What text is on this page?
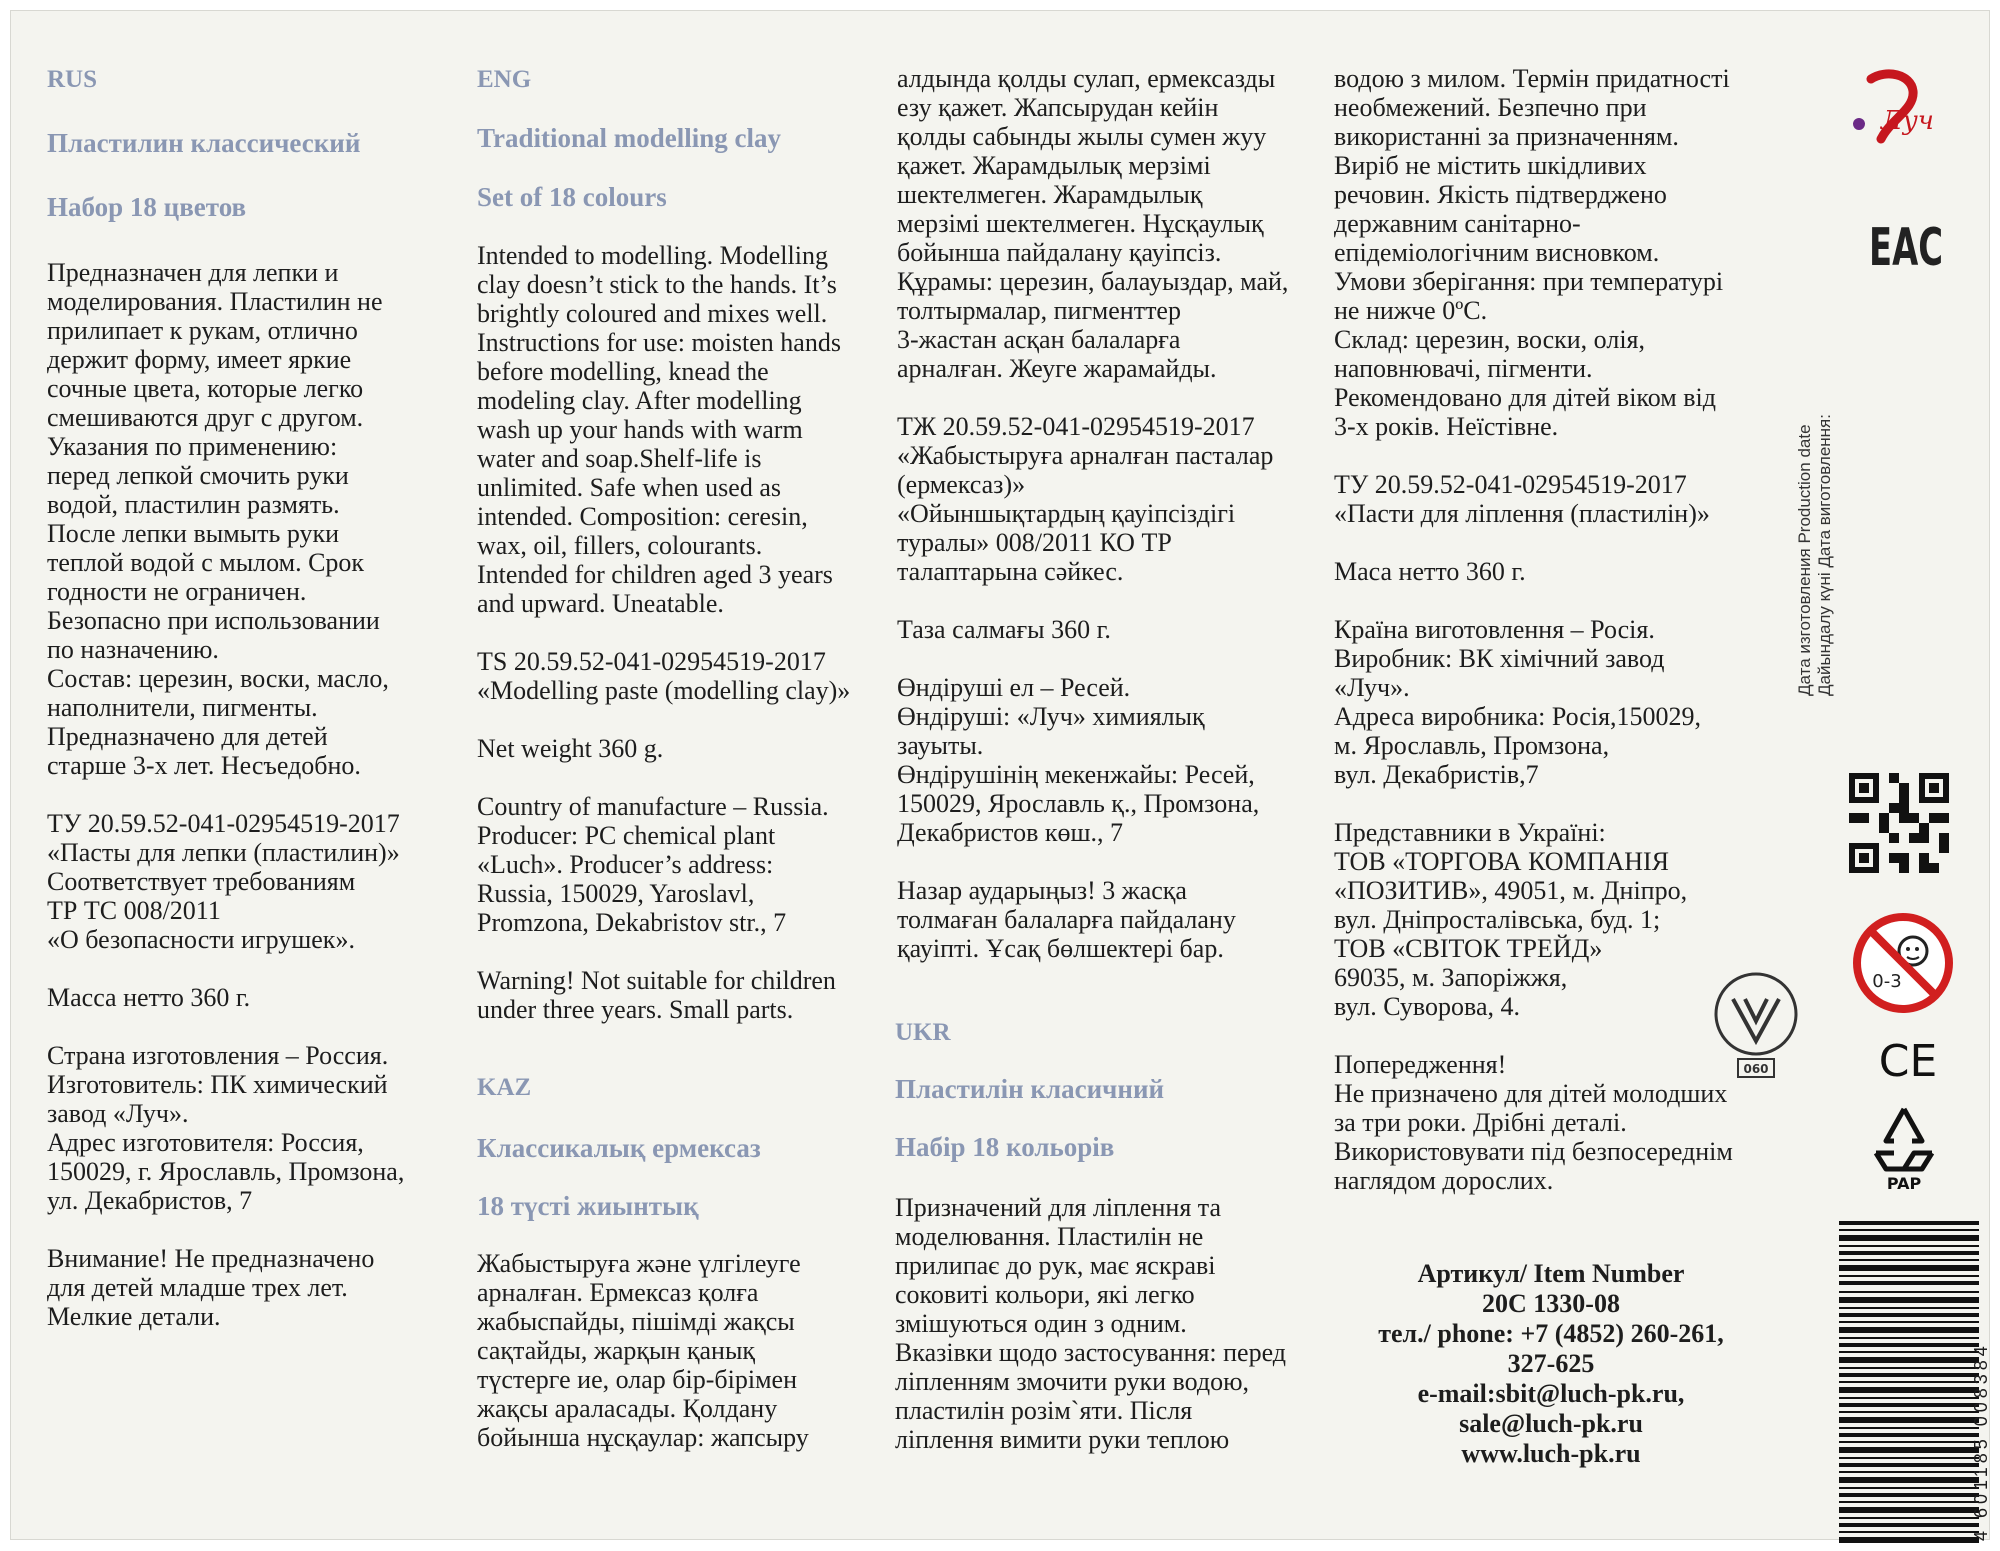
RUS
Пластилин классический
Набор 18 цветов
Предназначен для лепки и
моделирования. Пластилин не
прилипает к рукам, отлично
держит форму, имеет яркие
сочные цвета, которые легко
смешиваются друг с другом.
Указания по применению:
перед лепкой смочить руки
водой, пластилин размять.
После лепки вымыть руки
теплой водой с мылом. Срок
годности не ограничен.
Безопасно при использовании
по назначению.
Состав: церезин, воски, масло,
наполнители, пигменты.
Предназначено для детей
старше 3-х лет. Несъедобно.

ТУ 20.59.52-041-02954519-2017
«Пасты для лепки (пластилин)»
Соответствует требованиям
ТР ТС 008/2011
«О безопасности игрушек».

Масса нетто 360 г.

Страна изготовления – Россия.
Изготовитель: ПК химический
завод «Луч».
Адрес изготовителя: Россия,
150029, г. Ярославль, Промзона,
ул. Декабристов, 7

Внимание! Не предназначено
для детей младше трех лет.
Мелкие детали.
ENG
Traditional modelling clay
Set of 18 colours
Intended to modelling. Modelling
clay doesn’t stick to the hands. It’s
brightly coloured and mixes well.
Instructions for use: moisten hands
before modelling, knead the
modeling clay. After modelling
wash up your hands with warm
water and soap.Shelf-life is
unlimited. Safe when used as
intended. Composition: ceresin,
wax, oil, fillers, colourants.
Intended for children aged 3 years
and upward. Uneatable.

TS 20.59.52-041-02954519-2017
«Modelling paste (modelling clay)»

Net weight 360 g.

Country of manufacture – Russia.
Producer: PC chemical plant
«Luch». Producer’s address:
Russia, 150029, Yaroslavl,
Promzona, Dekabristov str., 7

Warning! Not suitable for children
under three years. Small parts.
KAZ
Классикалық ермексаз
18 түсті жиынтық
Жабыстыруға және үлгілеуге
арналған. Ермексаз қолға
жабыспайды, пішімді жақсы
сақтайды, жарқын қанық
түстерге ие, олар бір-бірімен
жақсы араласады. Қолдану
бойынша нұсқаулар: жапсыру
алдында қолды сулап, ермексазды
езу қажет. Жапсырудан кейін
қолды сабынды жылы сумен жуу
қажет. Жарамдылық мерзімі
шектелмеген. Жарамдылық
мерзімі шектелмеген. Нұсқаулық
бойынша пайдалану қауіпсіз.
Құрамы: церезин, балауыздар, май,
толтырмалар, пигменттер
3-жастан асқан балаларға
арналған. Жеуге жарамайды.

ТЖ 20.59.52-041-02954519-2017
«Жабыстыруға арналған пасталар
(ермексаз)»
«Ойыншықтардың қауіпсіздігі
туралы» 008/2011 КО ТР
талаптарына сәйкес.

Таза салмағы 360 г.

Өндіруші ел – Ресей.
Өндіруші: «Луч» химиялық
зауыты.
Өндірушінің мекенжайы: Ресей,
150029, Ярославль қ., Промзона,
Декабристов көш., 7

Назар аударыңыз! 3 жасқа
толмаған балаларға пайдалану
қауіпті. Ұсақ бөлшектері бар.
UKR
Пластилін класичний
Набір 18 кольорів
Призначений для ліплення та
моделювання. Пластилін не
прилипає до рук, має яскраві
соковиті кольори, які легко
змішуються один з одним.
Вказівки щодо застосування: перед
ліпленням змочити руки водою,
пластилін розім`яти. Після
ліплення вимити руки теплою
водою з милом. Термін придатності
необмежений. Безпечно при
використанні за призначенням.
Виріб не містить шкідливих
речовин. Якість підтверджено
державним санітарно-
епідеміологічним висновком.
Умови зберігання: при температурі
не нижче 0ºС.
Склад: церезин, воски, олія,
наповнювачі, пігменти.
Рекомендовано для дітей віком від
3-х років. Неїстівне.

ТУ 20.59.52-041-02954519-2017
«Пасти для ліплення (пластилін)»

Маса нетто 360 г.

Країна виготовлення – Росія.
Виробник: ВК хімічний завод
«Луч».
Адреса виробника: Росія,150029,
м. Ярославль, Промзона,
вул. Декабристів,7

Представники в Україні:
ТОВ «ТОРГОВА КОМПАНІЯ
«ПОЗИТИВ», 49051, м. Дніпро,
вул. Дніпросталівська, буд. 1;
ТОВ «СВІТОК ТРЕЙД»
69035, м. Запоріжжя,
вул. Суворова, 4.

Попередження!
Не призначено для дітей молодших
за три роки. Дрібні деталі.
Використовувати під безпосереднім
наглядом дорослих.
Артикул/ Item Number
20С 1330-08
тел./ phone: +7 (4852) 260-261,
327-625
e-mail:sbit@luch-pk.ru,
sale@luch-pk.ru
www.luch-pk.ru
Дата изготовления Production date
Дайындалу күні Дата виготовлення:
Луч
EAC
0-3
CE
060
PAP
4 601185 008384
